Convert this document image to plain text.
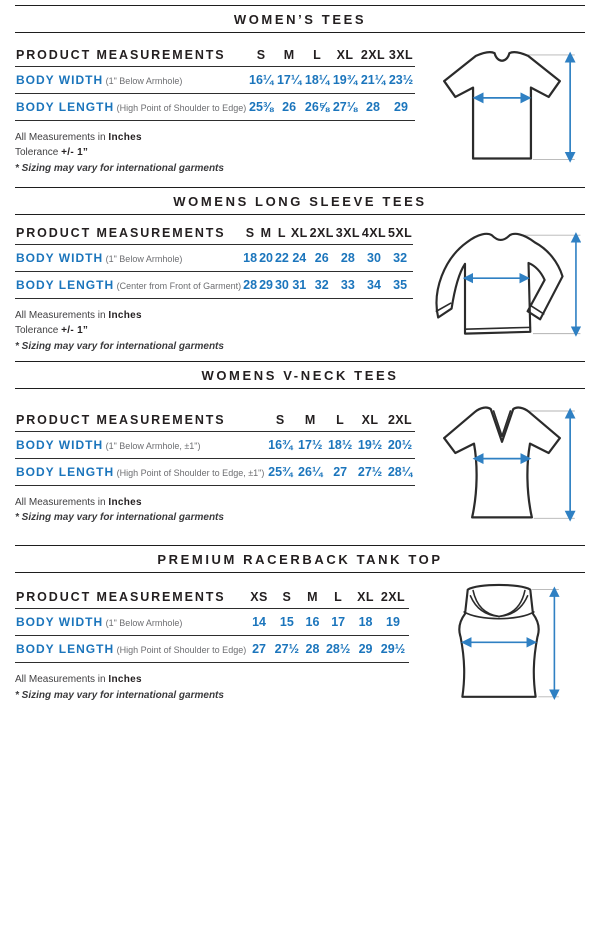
WOMEN’S TEES
PRODUCT MEASUREMENTS	S	M	L	XL	2XL	3XL
BODY WIDTH (1" Below Armhole)	16¼	17¼	18¼	19¾	21¼	23½
BODY LENGTH (High Point of Shoulder to Edge)	25⅜	26	26⅝	27⅛	28	29
All Measurements in Inches
Tolerance +/- 1”
* Sizing may vary for international garments
WOMENS LONG SLEEVE TEES
PRODUCT MEASUREMENTS	S	M	L	XL	2XL	3XL	4XL	5XL
BODY WIDTH (1" Below Armhole)	18	20	22	24	26	28	30	32
BODY LENGTH (Center from Front of Garment)	28	29	30	31	32	33	34	35
All Measurements in Inches
Tolerance +/- 1”
* Sizing may vary for international garments
WOMENS V-NECK TEES
PRODUCT MEASUREMENTS	S	M	L	XL	2XL
BODY WIDTH (1" Below Armhole, ±1")	16¾	17½	18½	19½	20½
BODY LENGTH (High Point of Shoulder to Edge, ±1")	25¾	26¼	27	27½	28¼
All Measurements in Inches
* Sizing may vary for international garments
PREMIUM RACERBACK TANK TOP
PRODUCT MEASUREMENTS	XS	S	M	L	XL	2XL
BODY WIDTH (1" Below Armhole)	14	15	16	17	18	19
BODY LENGTH (High Point of Shoulder to Edge)	27	27½	28	28½	29	29½
All Measurements in Inches
* Sizing may vary for international garments
